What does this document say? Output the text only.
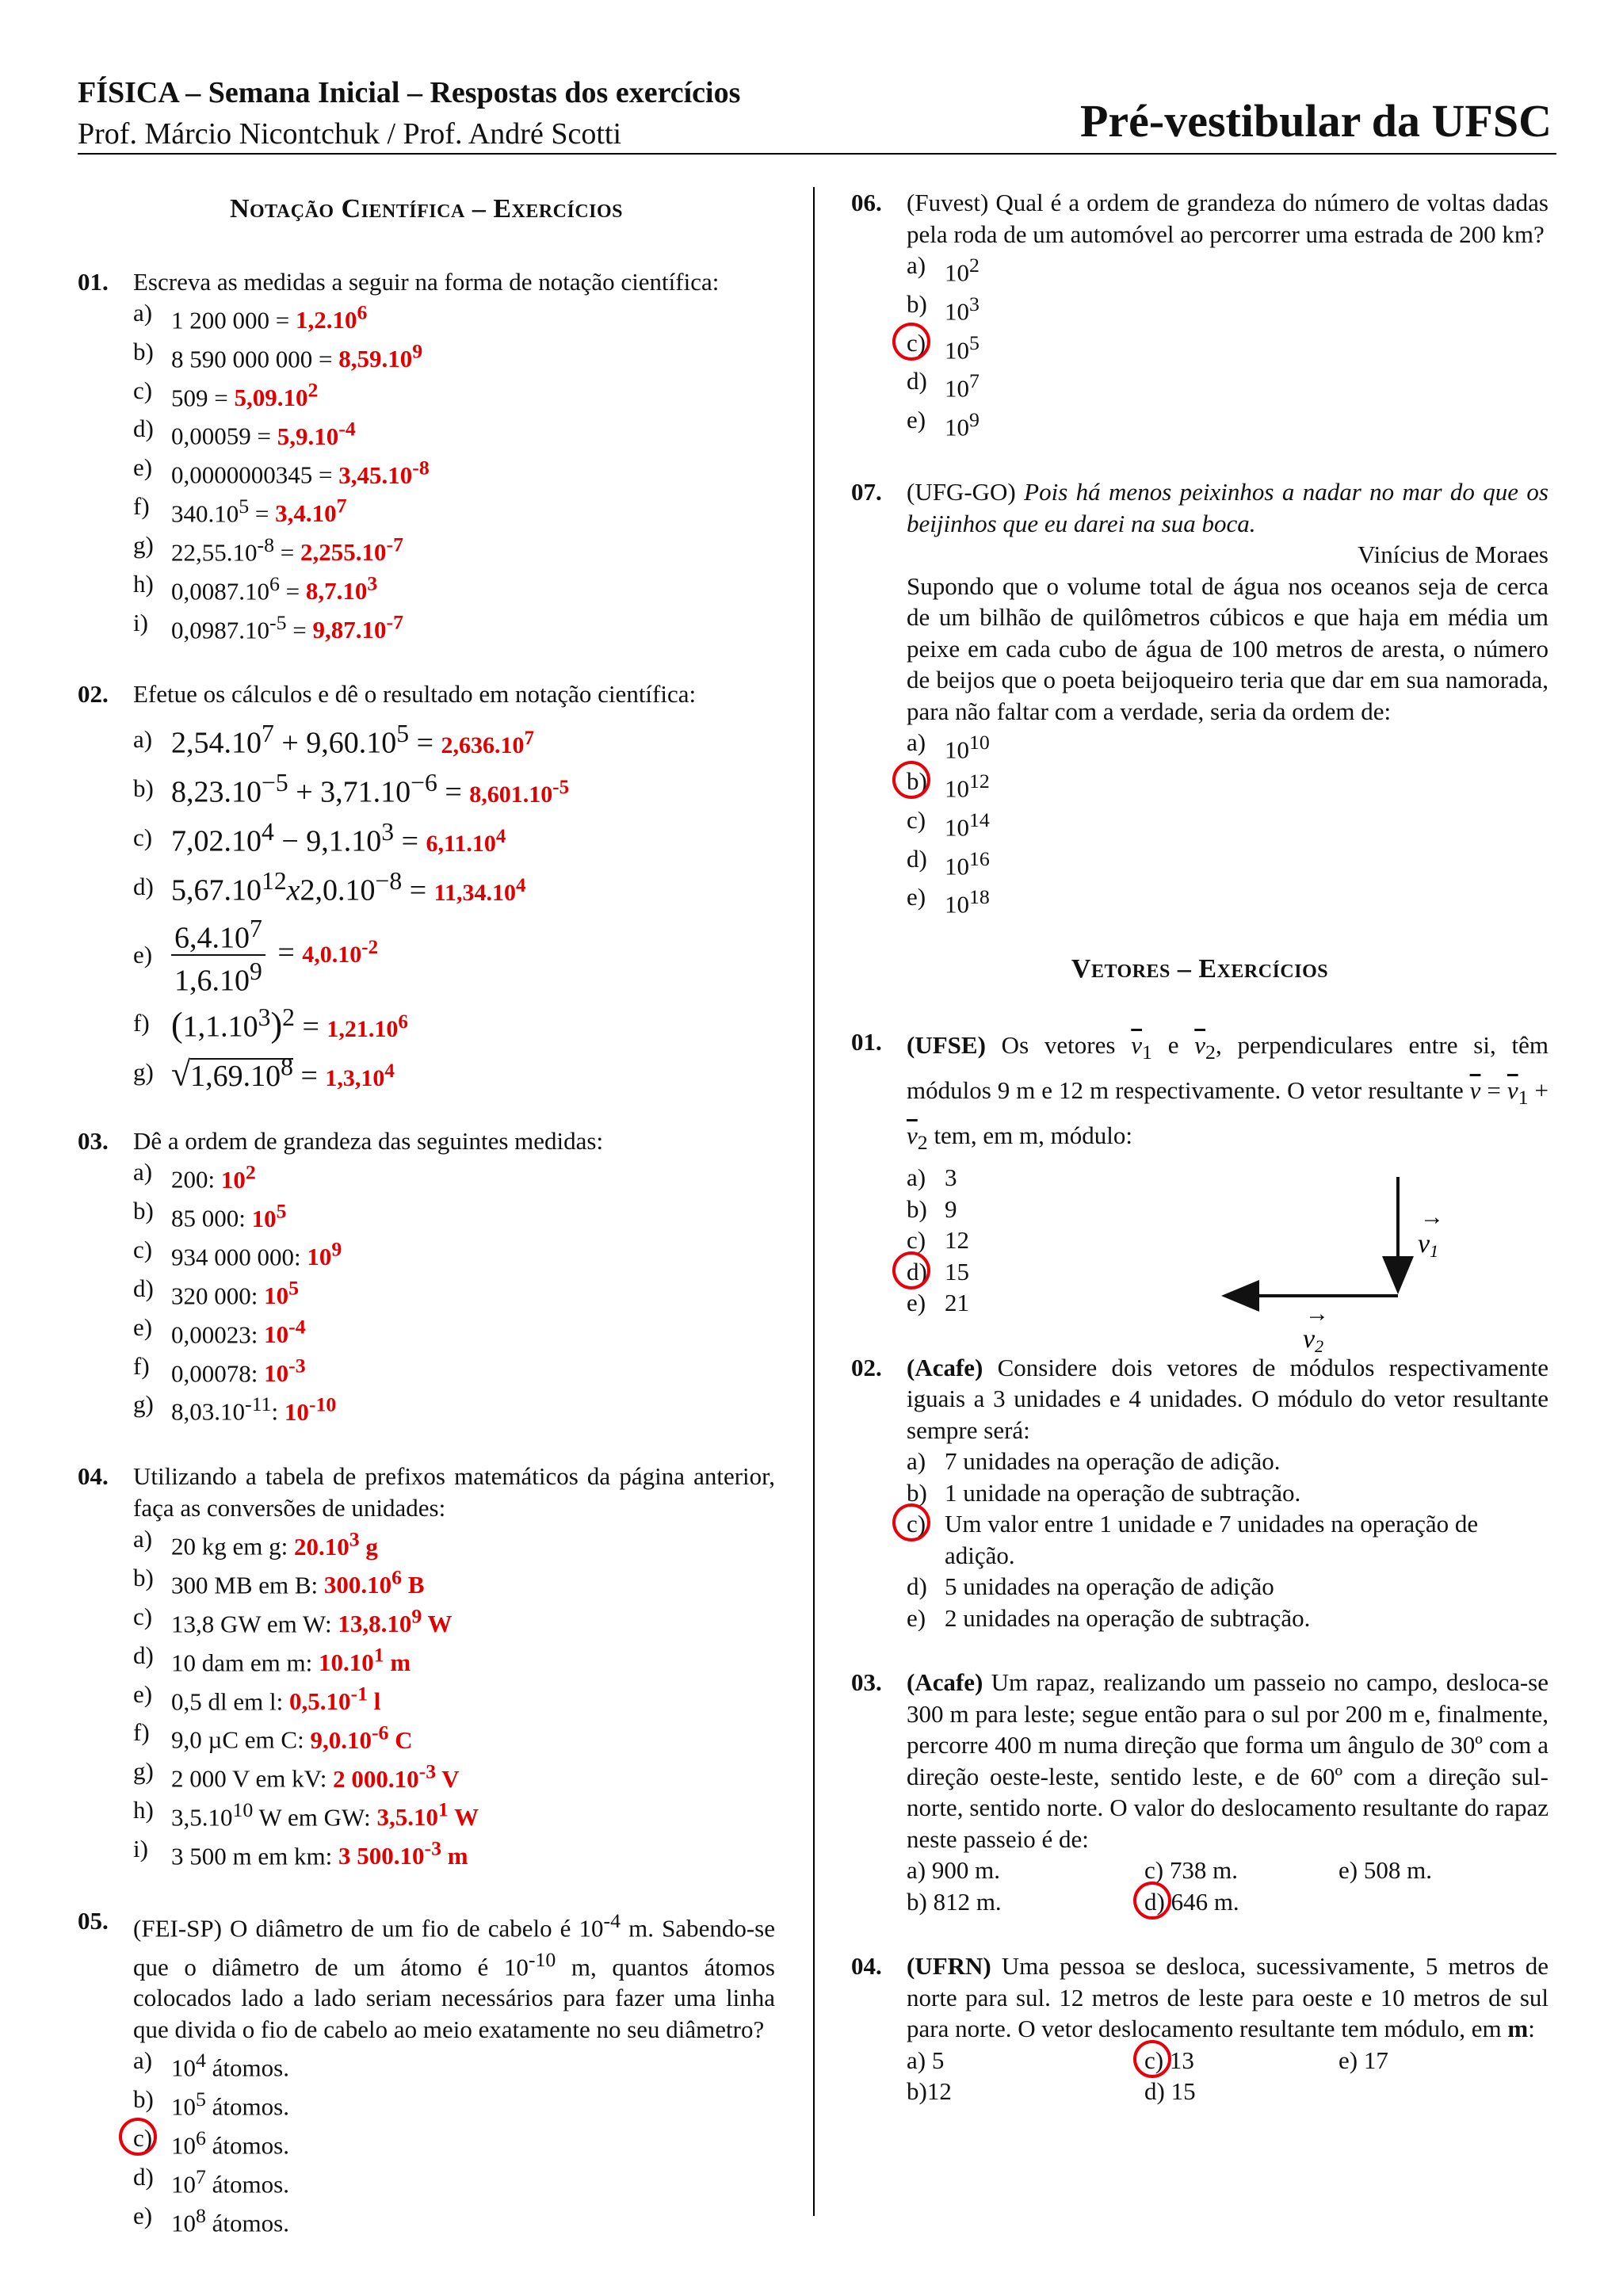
FÍSICA – Semana Inicial – Respostas dos exercícios
Prof. Márcio Nicontchuk / Prof. André Scotti	Pré-vestibular da UFSC
Notação Científica – Exercícios
01. Escreva as medidas a seguir na forma de notação científica:
a) 1 200 $000 = 1,2.10^6$
b) 8 590 000 $000 = 8,59.10^9$
c) $509 = 5,09.10^2$
d) $0,00059 = 5,9.10^{-4}$
e) $0,0000000345 = 3,45.10^{-8}$
f) $340.10^5 = 3,4.10^7$
g) $22,55.10^{-8} = 2,255.10^{-7}$
h) $0,0087.10^6 = 8,7.10^3$
i) $0,0987.10^{-5} = 9,87.10^{-7}$
02. Efetue os cálculos e dê o resultado em notação científica:
a) $2,54.10^7 + 9,60.10^5 = 2,636.10^7$
b) $8,23.10^{-5} + 3,71.10^{-6} = 8,601.10^{-5}$
c) $7,02.10^4 - 9,1.10^3 = 6,11.10^4$
d) $5,67.10^{12}x2,0.10^{-8} = 11,34.10^4$
$e) \frac{6,4.10^7}{1,6.10^9} = 4,0.10^{-2}$
f) $(1,1.10^3)^2 = 1,21.10^6$
g) $√1,69.10^8 = 1,3,10^4$
03. Dê a ordem de grandeza das seguintes medidas:
a) 200: $10^2$
b) 85 000: $10^5$
c) 934 000 000: $10^9$
d) 320 000: $10^5$
e) 0,00023: $10^{-4}$
f) 0,00078: $10^{-3}$
g) $8,03.10^{-11}$: $10^{-10}$
04. Utilizando a tabela de prefixos matemáticos da página anterior, faça as conversões de unidades:
a) 20 kg em g: 20.10$^3$ g
b) 300 MB em B: 300.10$^6$ B
c) 13,8 GW em W: 13,8.10$^9$ W
d) 10 dam em m: 10.10$^1$ m
e) 0,5 dl em l: $0,5.10^{-1}$ l
f) 9,0 µC em C: $9,0.10^{-6}$ C
g) 2 000 V em kV: 2 $000.10^{-3}$ V
h) 3,5.10$^{10}$ W em GW: 3,5.10$^1$ W
i) 3 500 m em km: 3 $500.10^{-3}$ m
05. (FEI-SP) O diâmetro de um fio de cabelo é $10^{-4}$ m. Sabendo-se que o diâmetro de um átomo é $10^{-10}$ m, quantos átomos colocados lado a lado seriam necessários para fazer uma linha que divida o fio de cabelo ao meio exatamente no seu diâmetro?
a) $10^4$ átomos.
b) $10^5$ átomos.
c) $10^6$ átomos.
d) $10^7$ átomos.
e) $10^8$ átomos.
06. (Fuvest) Qual é a ordem de grandeza do número de voltas dadas pela roda de um automóvel ao percorrer uma estrada de 200 km?
a) $10^2$
b) $10^3$
c) $10^5$
d) $10^7$
e) $10^9$
07. (UFG-GO) Pois há menos peixinhos a nadar no mar do que os beijinhos que eu darei na sua boca.
Vinícius de Moraes
Supondo que o volume total de água nos oceanos seja de cerca de um bilhão de quilômetros cúbicos e que haja em média um peixe em cada cubo de água de 100 metros de aresta, o número de beijos que o poeta beijoqueiro teria que dar em sua namorada, para não faltar com a verdade, seria da ordem de:
a) $10^{10}$
b) $10^{12}$
c) $10^{14}$
d) $10^{16}$
e) $10^{18}$
Vetores – Exercícios
01. (UFSE) Os vetores $\overline{v}_1$ e $\overline{v}_2$, perpendiculares entre si, têm módulos 9 m e 12 m respectivamente. O vetor resultante $\overline{v} = \overline{v}_1 + \overline{v}_2$ tem, em m, módulo:
a) 3
b) 9
c) 12
d) 15
e) 21
v1
v2
→
→
02. (Acafe) Considere dois vetores de módulos respectivamente iguais a 3 unidades e 4 unidades. O módulo do vetor resultante sempre será:
a) 7 unidades na operação de adição.
b) 1 unidade na operação de subtração.
c) Um valor entre 1 unidade e 7 unidades na operação de adição.
d) 5 unidades na operação de adição
e) 2 unidades na operação de subtração.
03. (Acafe) Um rapaz, realizando um passeio no campo, desloca-se 300 m para leste; segue então para o sul por 200 m e, finalmente, percorre 400 m numa direção que forma um ângulo de 30º com a direção oeste-leste, sentido leste, e de 60º com a direção sul-norte, sentido norte. O valor do deslocamento resultante do rapaz neste passeio é de:
a) 900 m.	c) 738 m.	e) 508 m.
b) 812 m.	d) 646 m.
04. (UFRN) Uma pessoa se desloca, sucessivamente, 5 metros de norte para sul. 12 metros de leste para oeste e 10 metros de sul para norte. O vetor deslocamento resultante tem módulo, em m:
a) 5	c) 13	e) 17
b)12	d) 15
